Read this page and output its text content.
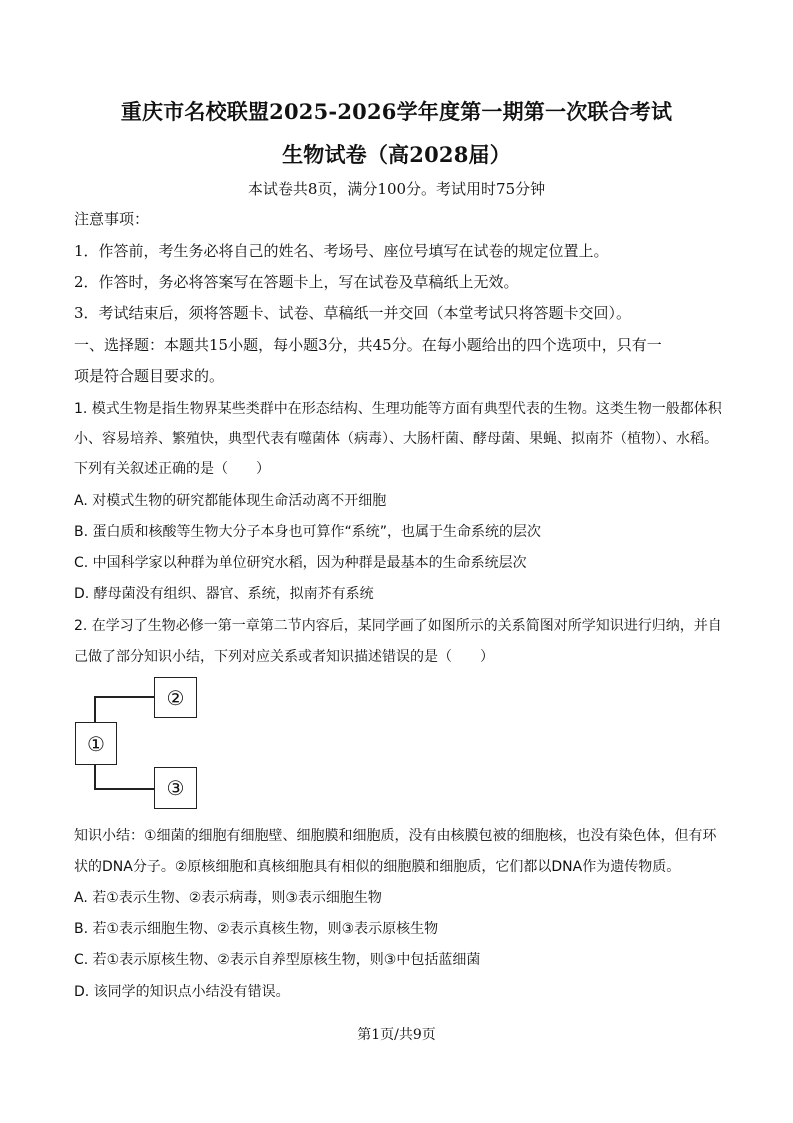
重庆市名校联盟2025-2026学年度第一期第一次联合考试
生物试卷（高2028届）
本试卷共8页，满分100分。考试用时75分钟
注意事项：
1．作答前，考生务必将自己的姓名、考场号、座位号填写在试卷的规定位置上。
2．作答时，务必将答案写在答题卡上，写在试卷及草稿纸上无效。
3．考试结束后，须将答题卡、试卷、草稿纸一并交回（本堂考试只将答题卡交回）。
一、选择题：本题共15小题，每小题3分，共45分。在每小题给出的四个选项中，只有一
项是符合题目要求的。
1. 模式生物是指生物界某些类群中在形态结构、生理功能等方面有典型代表的生物。这类生物一般都体积
小、容易培养、繁殖快，典型代表有噬菌体（病毒）、大肠杆菌、酵母菌、果蝇、拟南芥（植物）、水稻。
下列有关叙述正确的是（　　）
A. 对模式生物的研究都能体现生命活动离不开细胞
B. 蛋白质和核酸等生物大分子本身也可算作“系统”，也属于生命系统的层次
C. 中国科学家以种群为单位研究水稻，因为种群是最基本的生命系统层次
D. 酵母菌没有组织、器官、系统，拟南芥有系统
2. 在学习了生物必修一第一章第二节内容后，某同学画了如图所示的关系简图对所学知识进行归纳，并自
己做了部分知识小结，下列对应关系或者知识描述错误的是（　　）
①
②
③
知识小结：①细菌的细胞有细胞壁、细胞膜和细胞质，没有由核膜包被的细胞核，也没有染色体，但有环
状的DNA分子。②原核细胞和真核细胞具有相似的细胞膜和细胞质，它们都以DNA作为遗传物质。
A. 若①表示生物、②表示病毒，则③表示细胞生物
B. 若①表示细胞生物、②表示真核生物，则③表示原核生物
C. 若①表示原核生物、②表示自养型原核生物，则③中包括蓝细菌
D. 该同学的知识点小结没有错误。
第1页/共9页
